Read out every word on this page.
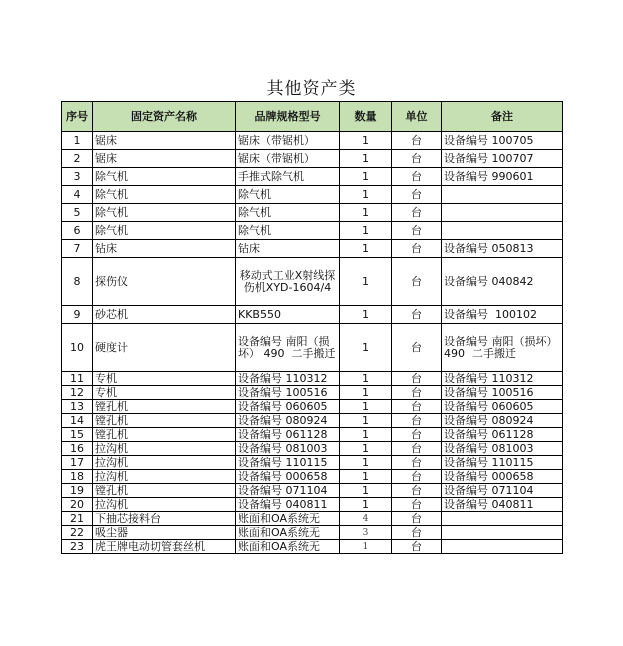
其他资产类
序号	固定资产名称	品牌规格型号	数量	单位	备注
1	锯床	锯床（带锯机）	1	台	设备编号 100705
2	锯床	锯床（带锯机）	1	台	设备编号 100707
3	除气机	手推式除气机	1	台	设备编号 990601
4	除气机	除气机	1	台	
5	除气机	除气机	1	台	
6	除气机	除气机	1	台	
7	钻床	钻床	1	台	设备编号 050813
8	探伤仪	移动式工业X射线探伤机XYD-1604/4	1	台	设备编号 040842
9	砂芯机	KKB550	1	台	设备编号  100102
10	硬度计	设备编号 南阳（损坏） 490  二手搬迁	1	台	设备编号 南阳（损坏） 490  二手搬迁
11	专机	设备编号 110312	1	台	设备编号 110312
12	专机	设备编号 100516	1	台	设备编号 100516
13	镗孔机	设备编号 060605	1	台	设备编号 060605
14	镗孔机	设备编号 080924	1	台	设备编号 080924
15	镗孔机	设备编号 061128	1	台	设备编号 061128
16	拉沟机	设备编号 081003	1	台	设备编号 081003
17	拉沟机	设备编号 110115	1	台	设备编号 110115
18	拉沟机	设备编号 000658	1	台	设备编号 000658
19	镗孔机	设备编号 071104	1	台	设备编号 071104
20	拉沟机	设备编号 040811	1	台	设备编号 040811
21	下抽芯接料台	账面和OA系统无	4	台	
22	吸尘器	账面和OA系统无	3	台	
23	虎王牌电动切管套丝机	账面和OA系统无	1	台	
